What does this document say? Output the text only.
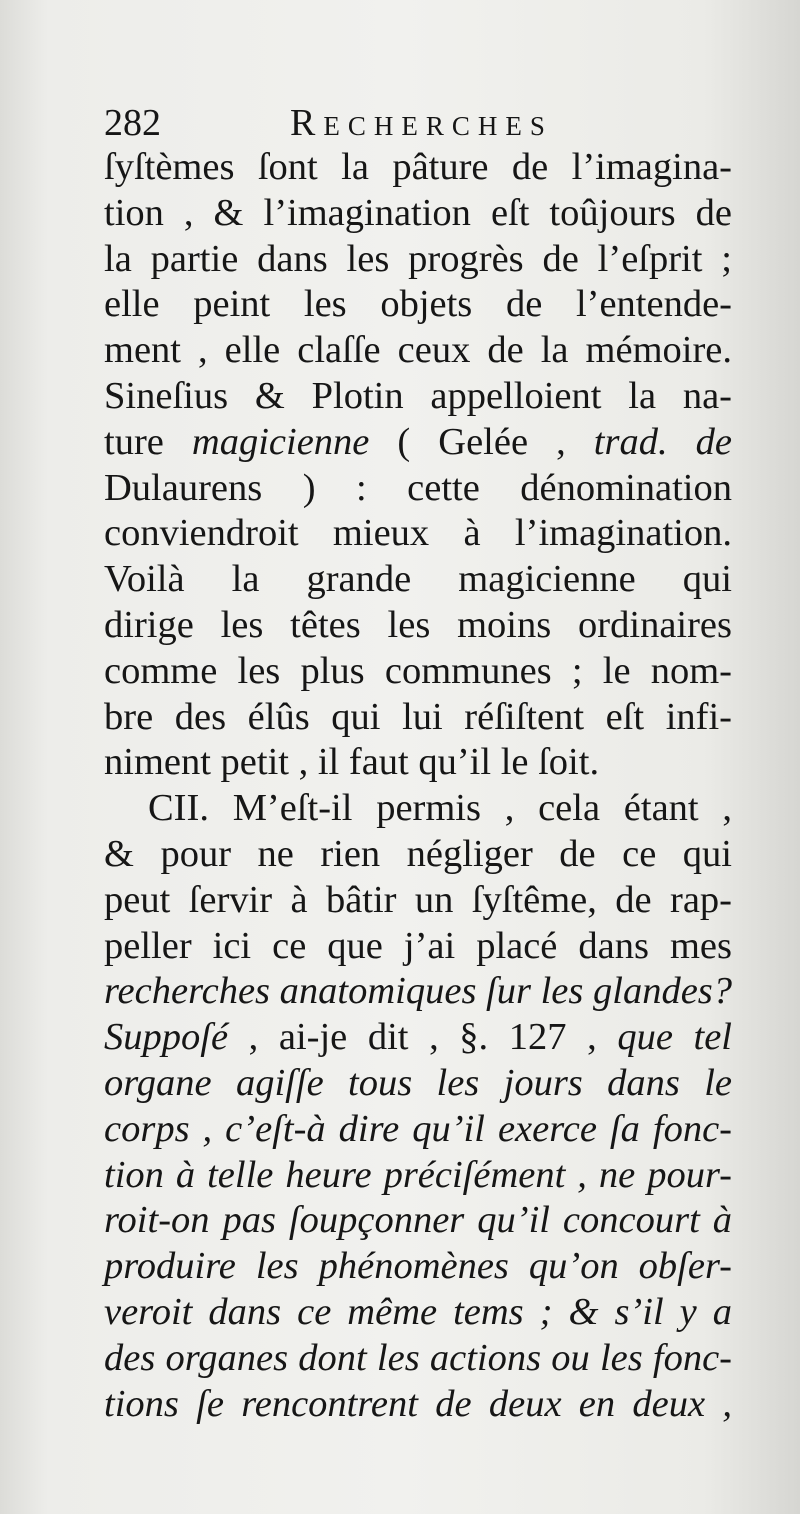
282	Recherches
ſyſtèmes ſont la pâture de l’imagina-
tion , & l’imagination eſt toûjours de
la partie dans les progrès de l’eſprit ;
elle peint les objets de l’entende-
ment , elle claſſe ceux de la mémoire.
Sineſius & Plotin appelloient la na-
ture magicienne ( Gelée , trad. de
Dulaurens ) : cette dénomination
conviendroit mieux à l’imagination.
Voilà la grande magicienne qui
dirige les têtes les moins ordinaires
comme les plus communes ; le nom-
bre des élûs qui lui réſiſtent eſt infi-
niment petit , il faut qu’il le ſoit.
CII. M’eſt-il permis , cela étant ,
& pour ne rien négliger de ce qui
peut ſervir à bâtir un ſyſtême, de rap-
peller ici ce que j’ai placé dans mes
recherches anatomiques ſur les glandes?
Suppoſé , ai-je dit , §. 127 , que tel
organe agiſſe tous les jours dans le
corps , c’eſt-à dire qu’il exerce ſa fonc-
tion à telle heure préciſément , ne pour-
roit-on pas ſoupçonner qu’il concourt à
produire les phénomènes qu’on obſer-
veroit dans ce même tems ; & s’il y a
des organes dont les actions ou les fonc-
tions ſe rencontrent de deux en deux ,
